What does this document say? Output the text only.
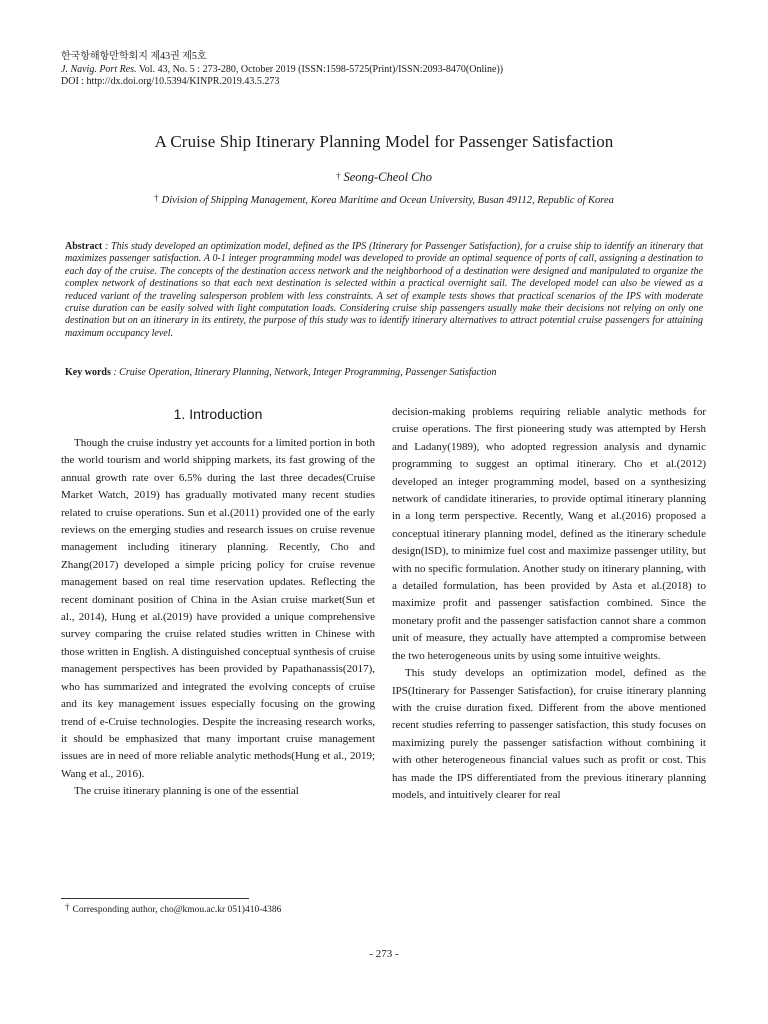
한국항해항만학회지 제43권 제5호
J. Navig. Port Res. Vol. 43, No. 5 : 273-280, October 2019 (ISSN:1598-5725(Print)/ISSN:2093-8470(Online))
DOI : http://dx.doi.org/10.5394/KINPR.2019.43.5.273
A Cruise Ship Itinerary Planning Model for Passenger Satisfaction
† Seong-Cheol Cho
† Division of Shipping Management, Korea Maritime and Ocean University, Busan 49112, Republic of Korea
Abstract : This study developed an optimization model, defined as the IPS (Itinerary for Passenger Satisfaction), for a cruise ship to identify an itinerary that maximizes passenger satisfaction. A 0-1 integer programming model was developed to provide an optimal sequence of ports of call, assigning a destination to each day of the cruise. The concepts of the destination access network and the neighborhood of a destination were designed and manipulated to organize the complex network of destinations so that each next destination is selected within a practical overnight sail. The developed model can also be viewed as a reduced variant of the traveling salesperson problem with less constraints. A set of example tests shows that practical scenarios of the IPS with moderate cruise duration can be easily solved with light computation loads. Considering cruise ship passengers usually make their decisions not relying on only one destination but on an itinerary in its entirety, the purpose of this study was to identify itinerary alternatives to attract potential cruise passengers for attaining maximum occupancy level.
Key words : Cruise Operation, Itinerary Planning, Network, Integer Programming, Passenger Satisfaction
1. Introduction

Though the cruise industry yet accounts for a limited portion in both the world tourism and world shipping markets, its fast growing of the annual growth rate over 6.5% during the last three decades(Cruise Market Watch, 2019) has gradually motivated many recent studies related to cruise operations. Sun et al.(2011) provided one of the early reviews on the emerging studies and research issues on cruise revenue management including itinerary planning. Recently, Cho and Zhang(2017) developed a simple pricing policy for cruise revenue management based on real time reservation updates. Reflecting the recent dominant position of China in the Asian cruise market(Sun et al., 2014), Hung et al.(2019) have provided a unique comprehensive survey comparing the cruise related studies written in Chinese with those written in English. A distinguished conceptual synthesis of cruise management perspectives has been provided by Papathanassis(2017), who has summarized and integrated the evolving concepts of cruise and its key management issues especially focusing on the growing trend of e-Cruise technologies. Despite the increasing research works, it should be emphasized that many important cruise management issues are in need of more reliable analytic methods(Hung et al., 2019; Wang et al., 2016).

The cruise itinerary planning is one of the essential

decision-making problems requiring reliable analytic methods for cruise operations. The first pioneering study was attempted by Hersh and Ladany(1989), who adopted regression analysis and dynamic programming to suggest an optimal itinerary. Cho et al.(2012) developed an integer programming model, based on a synthesizing network of candidate itineraries, to provide optimal itinerary planning in a long term perspective. Recently, Wang et al.(2016) proposed a conceptual itinerary planning model, defined as the itinerary schedule design(ISD), to minimize fuel cost and maximize passenger utility, but with no specific formulation. Another study on itinerary planning, with a detailed formulation, has been provided by Asta et al.(2018) to maximize profit and passenger satisfaction combined. Since the monetary profit and the passenger satisfaction cannot share a common unit of measure, they actually have attempted a compromise between the two heterogeneous units by using some intuitive weights.

This study develops an optimization model, defined as the IPS(Itinerary for Passenger Satisfaction), for cruise itinerary planning with the cruise duration fixed. Different from the above mentioned recent studies referring to passenger satisfaction, this study focuses on maximizing purely the passenger satisfaction without combining it with other heterogeneous financial values such as profit or cost. This has made the IPS differentiated from the previous itinerary planning models, and intuitively clearer for real

† Corresponding author, cho@kmou.ac.kr 051)410-4386
- 273 -
